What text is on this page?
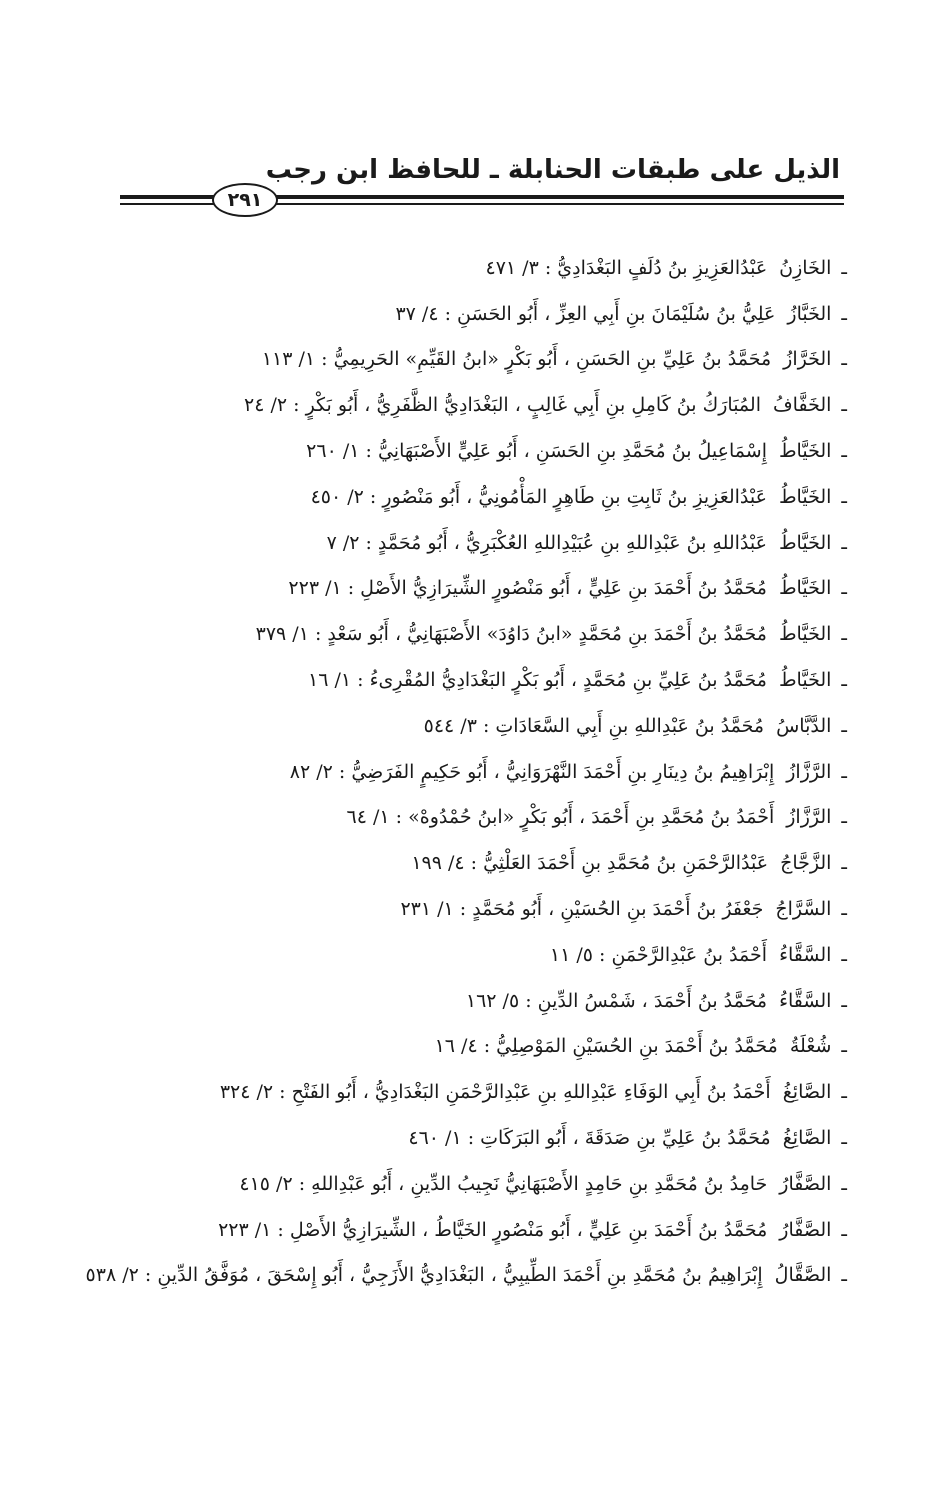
الذيل على طبقات الحنابلة ـ للحافظ ابن رجب
٢٩١
ـ
الخَازِنُ
عَبْدُالعَزِيزِ بنُ دُلَفٍ البَغْدَادِيُّ : ٣/ ٤٧١
ـ
الخَبَّازُ
عَلِيُّ بنُ سُلَيْمَانَ بنِ أَبِي العِزِّ ، أَبُو الحَسَنِ : ٤/ ٣٧
ـ
الخَرَّازُ
مُحَمَّدُ بنُ عَلِيِّ بنِ الحَسَنِ ، أَبُو بَكْرٍ «ابنُ القَيِّمِ» الحَرِيمِيُّ : ١/ ١١٣
ـ
الخَفَّافُ
المُبَارَكُ بنُ كَامِلِ بنِ أَبِي غَالِبٍ ، البَغْدَادِيُّ الظَّفَرِيُّ ، أَبُو بَكْرٍ : ٢/ ٢٤
ـ
الخَيَّاطُ
إِسْمَاعِيلُ بنُ مُحَمَّدِ بنِ الحَسَنِ ، أَبُو عَلِيٍّ الأَصْبَهَانِيُّ : ١/ ٢٦٠
ـ
الخَيَّاطُ
عَبْدُالعَزِيزِ بنُ ثَابِتِ بنِ طَاهِرٍ المَأْمُونِيُّ ، أَبُو مَنْصُورٍ : ٢/ ٤٥٠
ـ
الخَيَّاطُ
عَبْدُاللهِ بنُ عَبْدِاللهِ بنِ عُبَيْدِاللهِ العُكْبَرِيُّ ، أَبُو مُحَمَّدٍ : ٢/ ٧
ـ
الخَيَّاطُ
مُحَمَّدُ بنُ أَحْمَدَ بنِ عَلِيٍّ ، أَبُو مَنْصُورٍ الشِّيرَازِيُّ الأَصْلِ : ١/ ٢٢٣
ـ
الخَيَّاطُ
مُحَمَّدُ بنُ أَحْمَدَ بنِ مُحَمَّدٍ «ابنُ دَاوُدَ» الأَصْبَهَانِيُّ ، أَبُو سَعْدٍ : ١/ ٣٧٩
ـ
الخَيَّاطُ
مُحَمَّدُ بنُ عَلِيِّ بنِ مُحَمَّدٍ ، أَبُو بَكْرٍ البَغْدَادِيُّ المُقْرِىءُ : ١/ ١٦
ـ
الدَّبَّاسُ
مُحَمَّدُ بنُ عَبْدِاللهِ بنِ أَبِي السَّعَادَاتِ : ٣/ ٥٤٤
ـ
الرَّزَّازُ
إِبْرَاهِيمُ بنُ دِينَارِ بنِ أَحْمَدَ النَّهْرَوَانِيُّ ، أَبُو حَكِيمٍ الفَرَضِيُّ : ٢/ ٨٢
ـ
الرَّزَّازُ
أَحْمَدُ بنُ مُحَمَّدِ بنِ أَحْمَدَ ، أَبُو بَكْرٍ «ابنُ حُمْدُوهْ» : ١/ ٦٤
ـ
الزَّجَّاجُ
عَبْدُالرَّحْمَنِ بنُ مُحَمَّدِ بنِ أَحْمَدَ العَلْثِيُّ : ٤/ ١٩٩
ـ
السَّرَّاجُ
جَعْفَرُ بنُ أَحْمَدَ بنِ الحُسَيْنِ ، أَبُو مُحَمَّدٍ : ١/ ٢٣١
ـ
السَّقَّاءُ
أَحْمَدُ بنُ عَبْدِالرَّحْمَنِ : ٥/ ١١
ـ
السَّقَّاءُ
مُحَمَّدُ بنُ أَحْمَدَ ، شَمْسُ الدِّينِ : ٥/ ١٦٢
ـ
شُعْلَةُ
مُحَمَّدُ بنُ أَحْمَدَ بنِ الحُسَيْنِ المَوْصِلِيُّ : ٤/ ١٦
ـ
الصَّائِغُ
أَحْمَدُ بنُ أَبِي الوَفَاءِ عَبْدِاللهِ بنِ عَبْدِالرَّحْمَنِ البَغْدَادِيُّ ، أَبُو الفَتْحِ : ٢/ ٣٢٤
ـ
الصَّائِغُ
مُحَمَّدُ بنُ عَلِيِّ بنِ صَدَقَةَ ، أَبُو البَرَكَاتِ : ١/ ٤٦٠
ـ
الصَّفَّارُ
حَامِدُ بنُ مُحَمَّدِ بنِ حَامِدٍ الأَصْبَهَانِيُّ نَجِيبُ الدِّينِ ، أَبُو عَبْدِاللهِ : ٢/ ٤١٥
ـ
الصَّفَّارُ
مُحَمَّدُ بنُ أَحْمَدَ بنِ عَلِيٍّ ، أَبُو مَنْصُورٍ الخَيَّاطُ ، الشِّيرَازِيُّ الأَصْلِ : ١/ ٢٢٣
ـ
الصَّقَّالُ
إِبْرَاهِيمُ بنُ مُحَمَّدِ بنِ أَحْمَدَ الطِّيبِيُّ ، البَغْدَادِيُّ الأَزَجِيُّ ، أَبُو إِسْحَقَ ، مُوَفَّقُ الدِّينِ : ٢/ ٥٣٨
